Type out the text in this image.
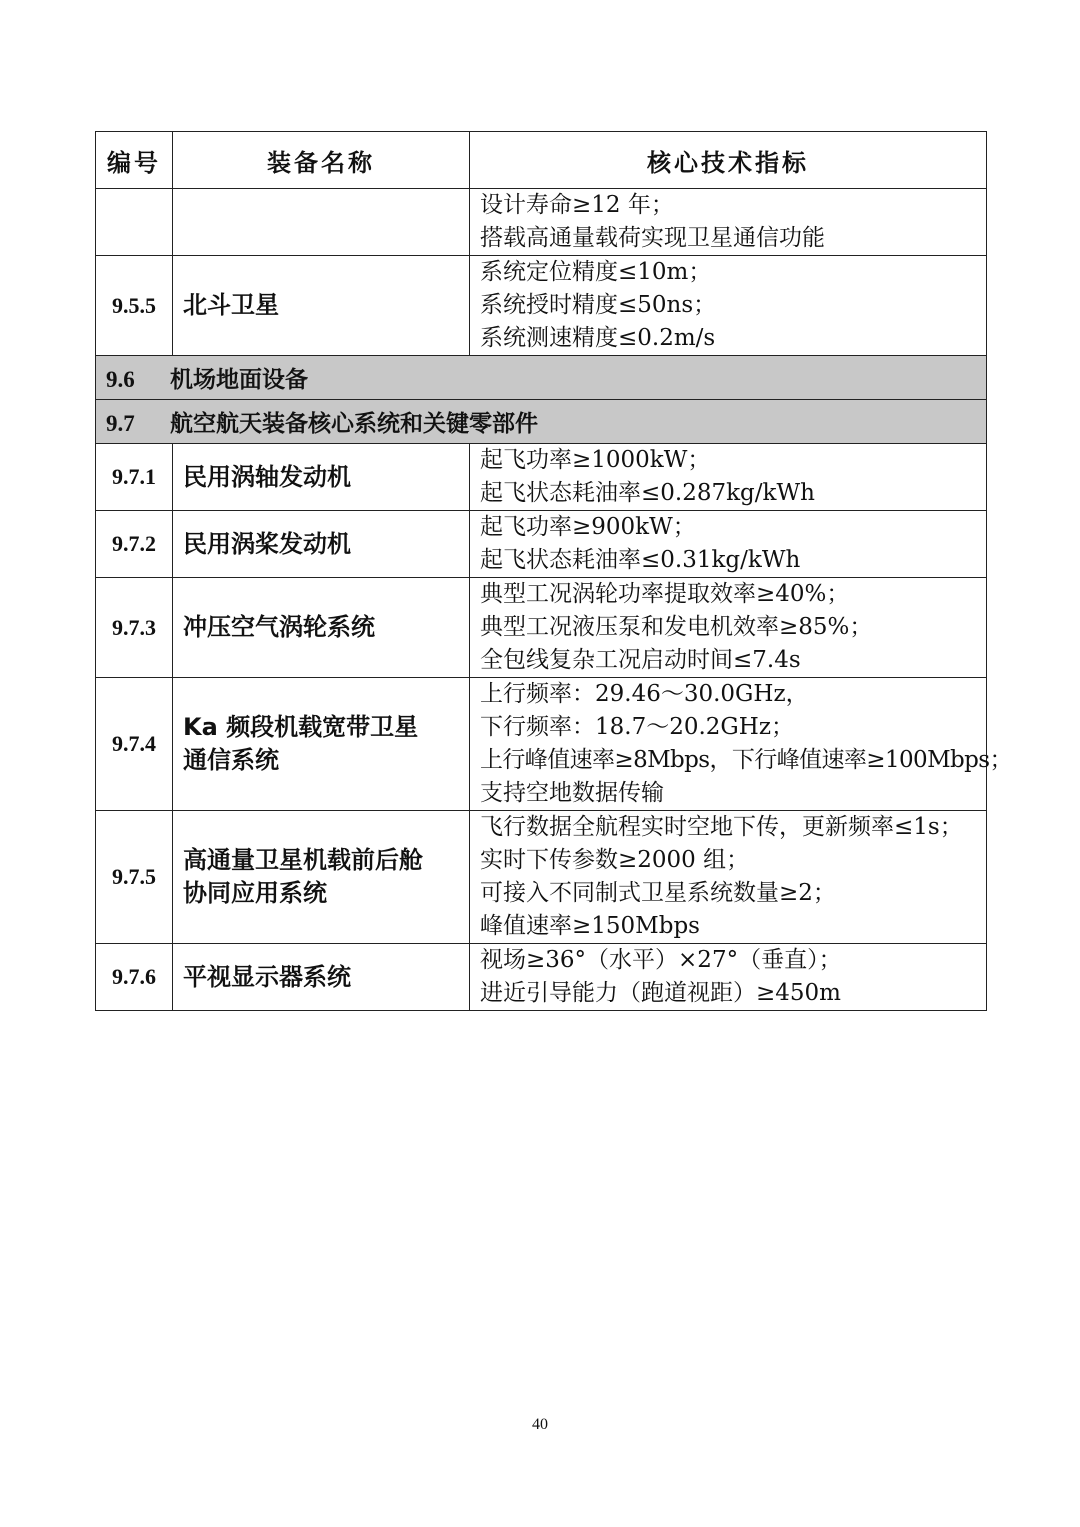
编号	装备名称	核心技术指标

		设计寿命≥12 年；
搭载高通量载荷实现卫星通信功能

9.5.5	北斗卫星	系统定位精度≤10m；
系统授时精度≤50ns；
系统测速精度≤0.2m/s

9.6 机场地面设备		
9.7 航空航天装备核心系统和关键零部件		
9.7.1	民用涡轴发动机	起飞功率≥1000kW；
起飞状态耗油率≤0.287kg/kWh

9.7.2	民用涡桨发动机	起飞功率≥900kW；
起飞状态耗油率≤0.31kg/kWh

9.7.3	冲压空气涡轮系统	典型工况涡轮功率提取效率≥40%；
典型工况液压泵和发电机效率≥85%；
全包线复杂工况启动时间≤7.4s

9.7.4	Ka 频段机载宽带卫星
通信系统	上行频率：29.46～30.0GHz，
下行频率：18.7～20.2GHz；
上行峰值速率≥8Mbps，下行峰值速率≥100Mbps；
支持空地数据传输

9.7.5	高通量卫星机载前后舱
协同应用系统	飞行数据全航程实时空地下传，更新频率≤1s；
实时下传参数≥2000 组；
可接入不同制式卫星系统数量≥2；
峰值速率≥150Mbps

9.7.6	平视显示器系统	视场≥36°（水平）×27°（垂直）；
进近引导能力（跑道视距）≥450m
40
